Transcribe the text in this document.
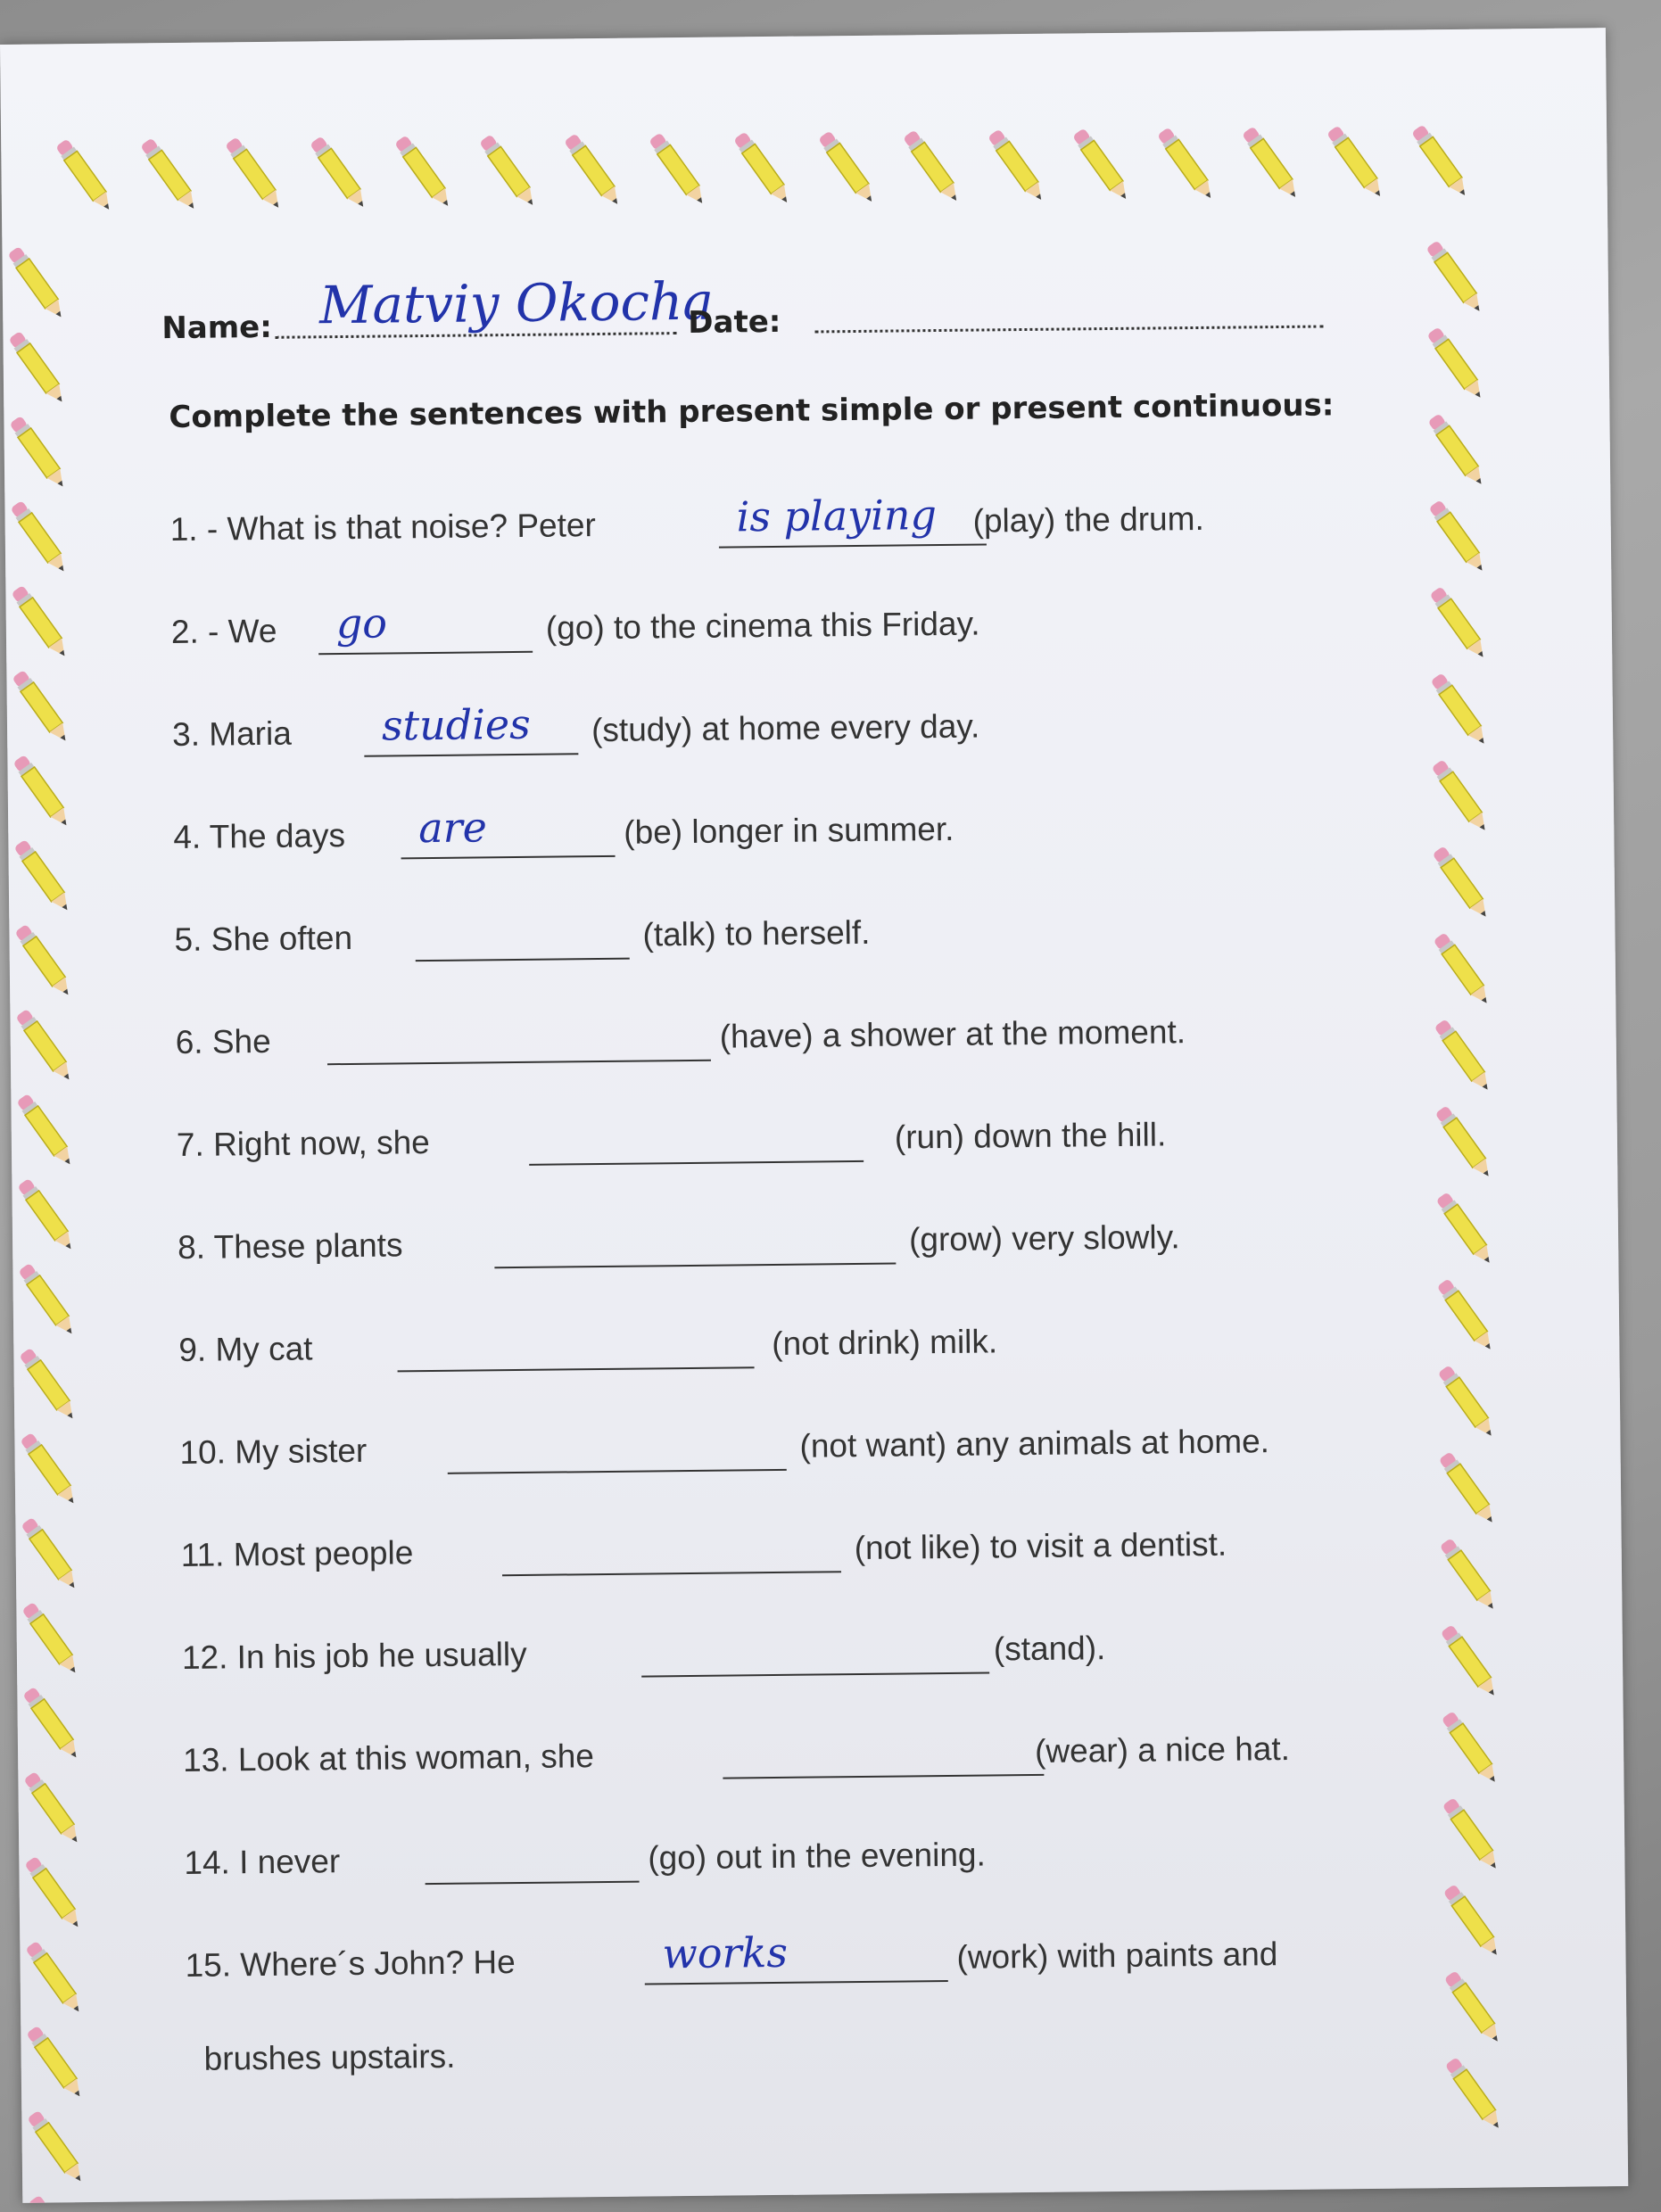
Name: Matviy Okocha
Date:
Complete the sentences with present simple or present continuous:
1. - What is that noise? Peter	is playing (play) the drum.
2. - We go	(go) to the cinema this Friday.
3. Maria studies (study) at home every day.
4. The days are	(be) longer in summer.
5. She often	(talk) to herself.
6. She	(have) a shower at the moment.
7. Right now, she	(run) down the hill.
8. These plants	(grow) very slowly.
9. My cat	(not drink) milk.
10. My sister	(not want) any animals at home.
11. Most people	(not like) to visit a dentist.
12. In his job he usually	(stand).
13. Look at this woman, she	(wear) a nice hat.
14. I never	(go) out in the evening.
15. Where´s John? He	works	(work) with paints and
brushes upstairs.
